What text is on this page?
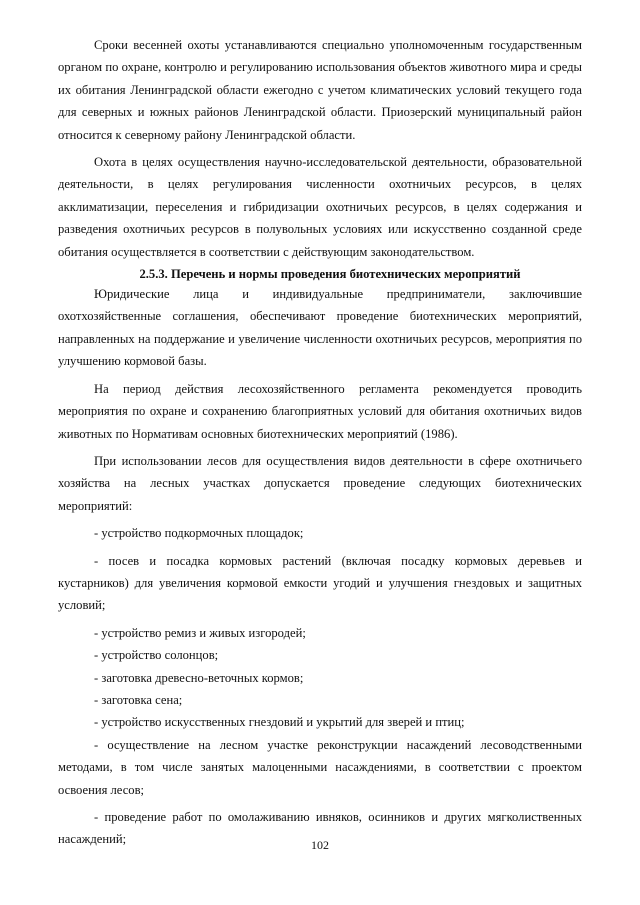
Сроки весенней охоты устанавливаются специально уполномоченным государственным органом по охране, контролю и регулированию использования объектов животного мира и среды их обитания Ленинградской области ежегодно с учетом климатических условий текущего года для северных и южных районов Ленинградской области. Приозерский муниципальный район относится к северному району Ленинградской области.

Охота в целях осуществления научно-исследовательской деятельности, образовательной деятельности, в целях регулирования численности охотничьих ресурсов, в целях акклиматизации, переселения и гибридизации охотничьих ресурсов, в целях содержания и разведения охотничьих ресурсов в полувольных условиях или искусственно созданной среде обитания осуществляется в соответствии с действующим законодательством.

2.5.3. Перечень и нормы проведения биотехнических мероприятий

Юридические лица и индивидуальные предприниматели, заключившие охотхозяйственные соглашения, обеспечивают проведение биотехнических мероприятий, направленных на поддержание и увеличение численности охотничьих ресурсов, мероприятия по улучшению кормовой базы.

На период действия лесохозяйственного регламента рекомендуется проводить мероприятия по охране и сохранению благоприятных условий для обитания охотничьих видов животных по Нормативам основных биотехнических мероприятий (1986).

При использовании лесов для осуществления видов деятельности в сфере охотничьего хозяйства на лесных участках допускается проведение следующих биотехнических мероприятий:

- устройство подкормочных площадок;

- посев и посадка кормовых растений (включая посадку кормовых деревьев и кустарников) для увеличения кормовой емкости угодий и улучшения гнездовых и защитных условий;

- устройство ремиз и живых изгородей;

- устройство солонцов;

- заготовка древесно-веточных кормов;

- заготовка сена;

- устройство искусственных гнездовий и укрытий для зверей и птиц;

- осуществление на лесном участке реконструкции насаждений лесоводственными методами, в том числе занятых малоценными насаждениями, в соответствии с проектом освоения лесов;

- проведение работ по омолаживанию ивняков, осинников и других мягколиственных насаждений;	102
